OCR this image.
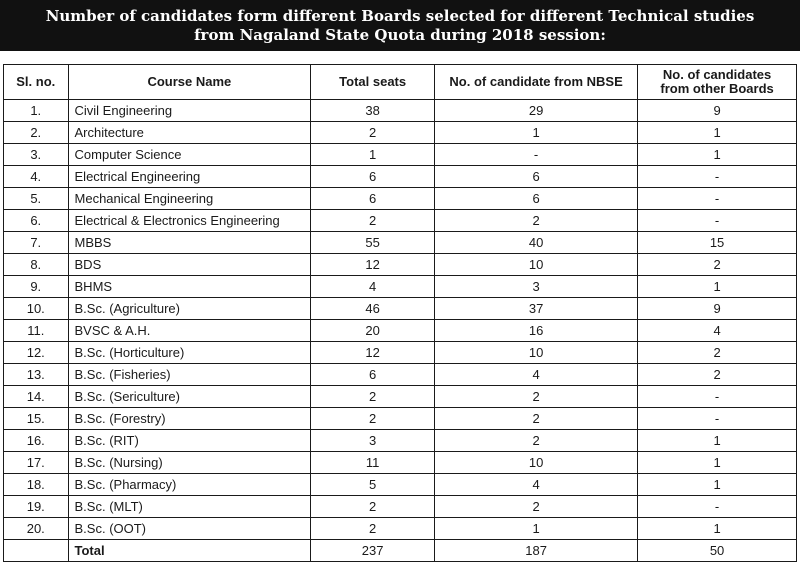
Number of candidates form different Boards selected for different Technical studies
from Nagaland State Quota during 2018 session:
Sl. no.	Course Name	Total seats	No. of candidate from NBSE	No. of candidates
from other Boards

1.	Civil Engineering	38	29	9
2.	Architecture	2	1	1
3.	Computer Science	1	-	1
4.	Electrical Engineering	6	6	-
5.	Mechanical Engineering	6	6	-
6.	Electrical & Electronics Engineering	2	2	-
7.	MBBS	55	40	15
8.	BDS	12	10	2
9.	BHMS	4	3	1
10.	B.Sc. (Agriculture)	46	37	9
11.	BVSC & A.H.	20	16	4
12.	B.Sc. (Horticulture)	12	10	2
13.	B.Sc. (Fisheries)	6	4	2
14.	B.Sc. (Sericulture)	2	2	-
15.	B.Sc. (Forestry)	2	2	-
16.	B.Sc. (RIT)	3	2	1
17.	B.Sc. (Nursing)	11	10	1
18.	B.Sc. (Pharmacy)	5	4	1
19.	B.Sc. (MLT)	2	2	-
20.	B.Sc. (OOT)	2	1	1
	Total	237	187	50
